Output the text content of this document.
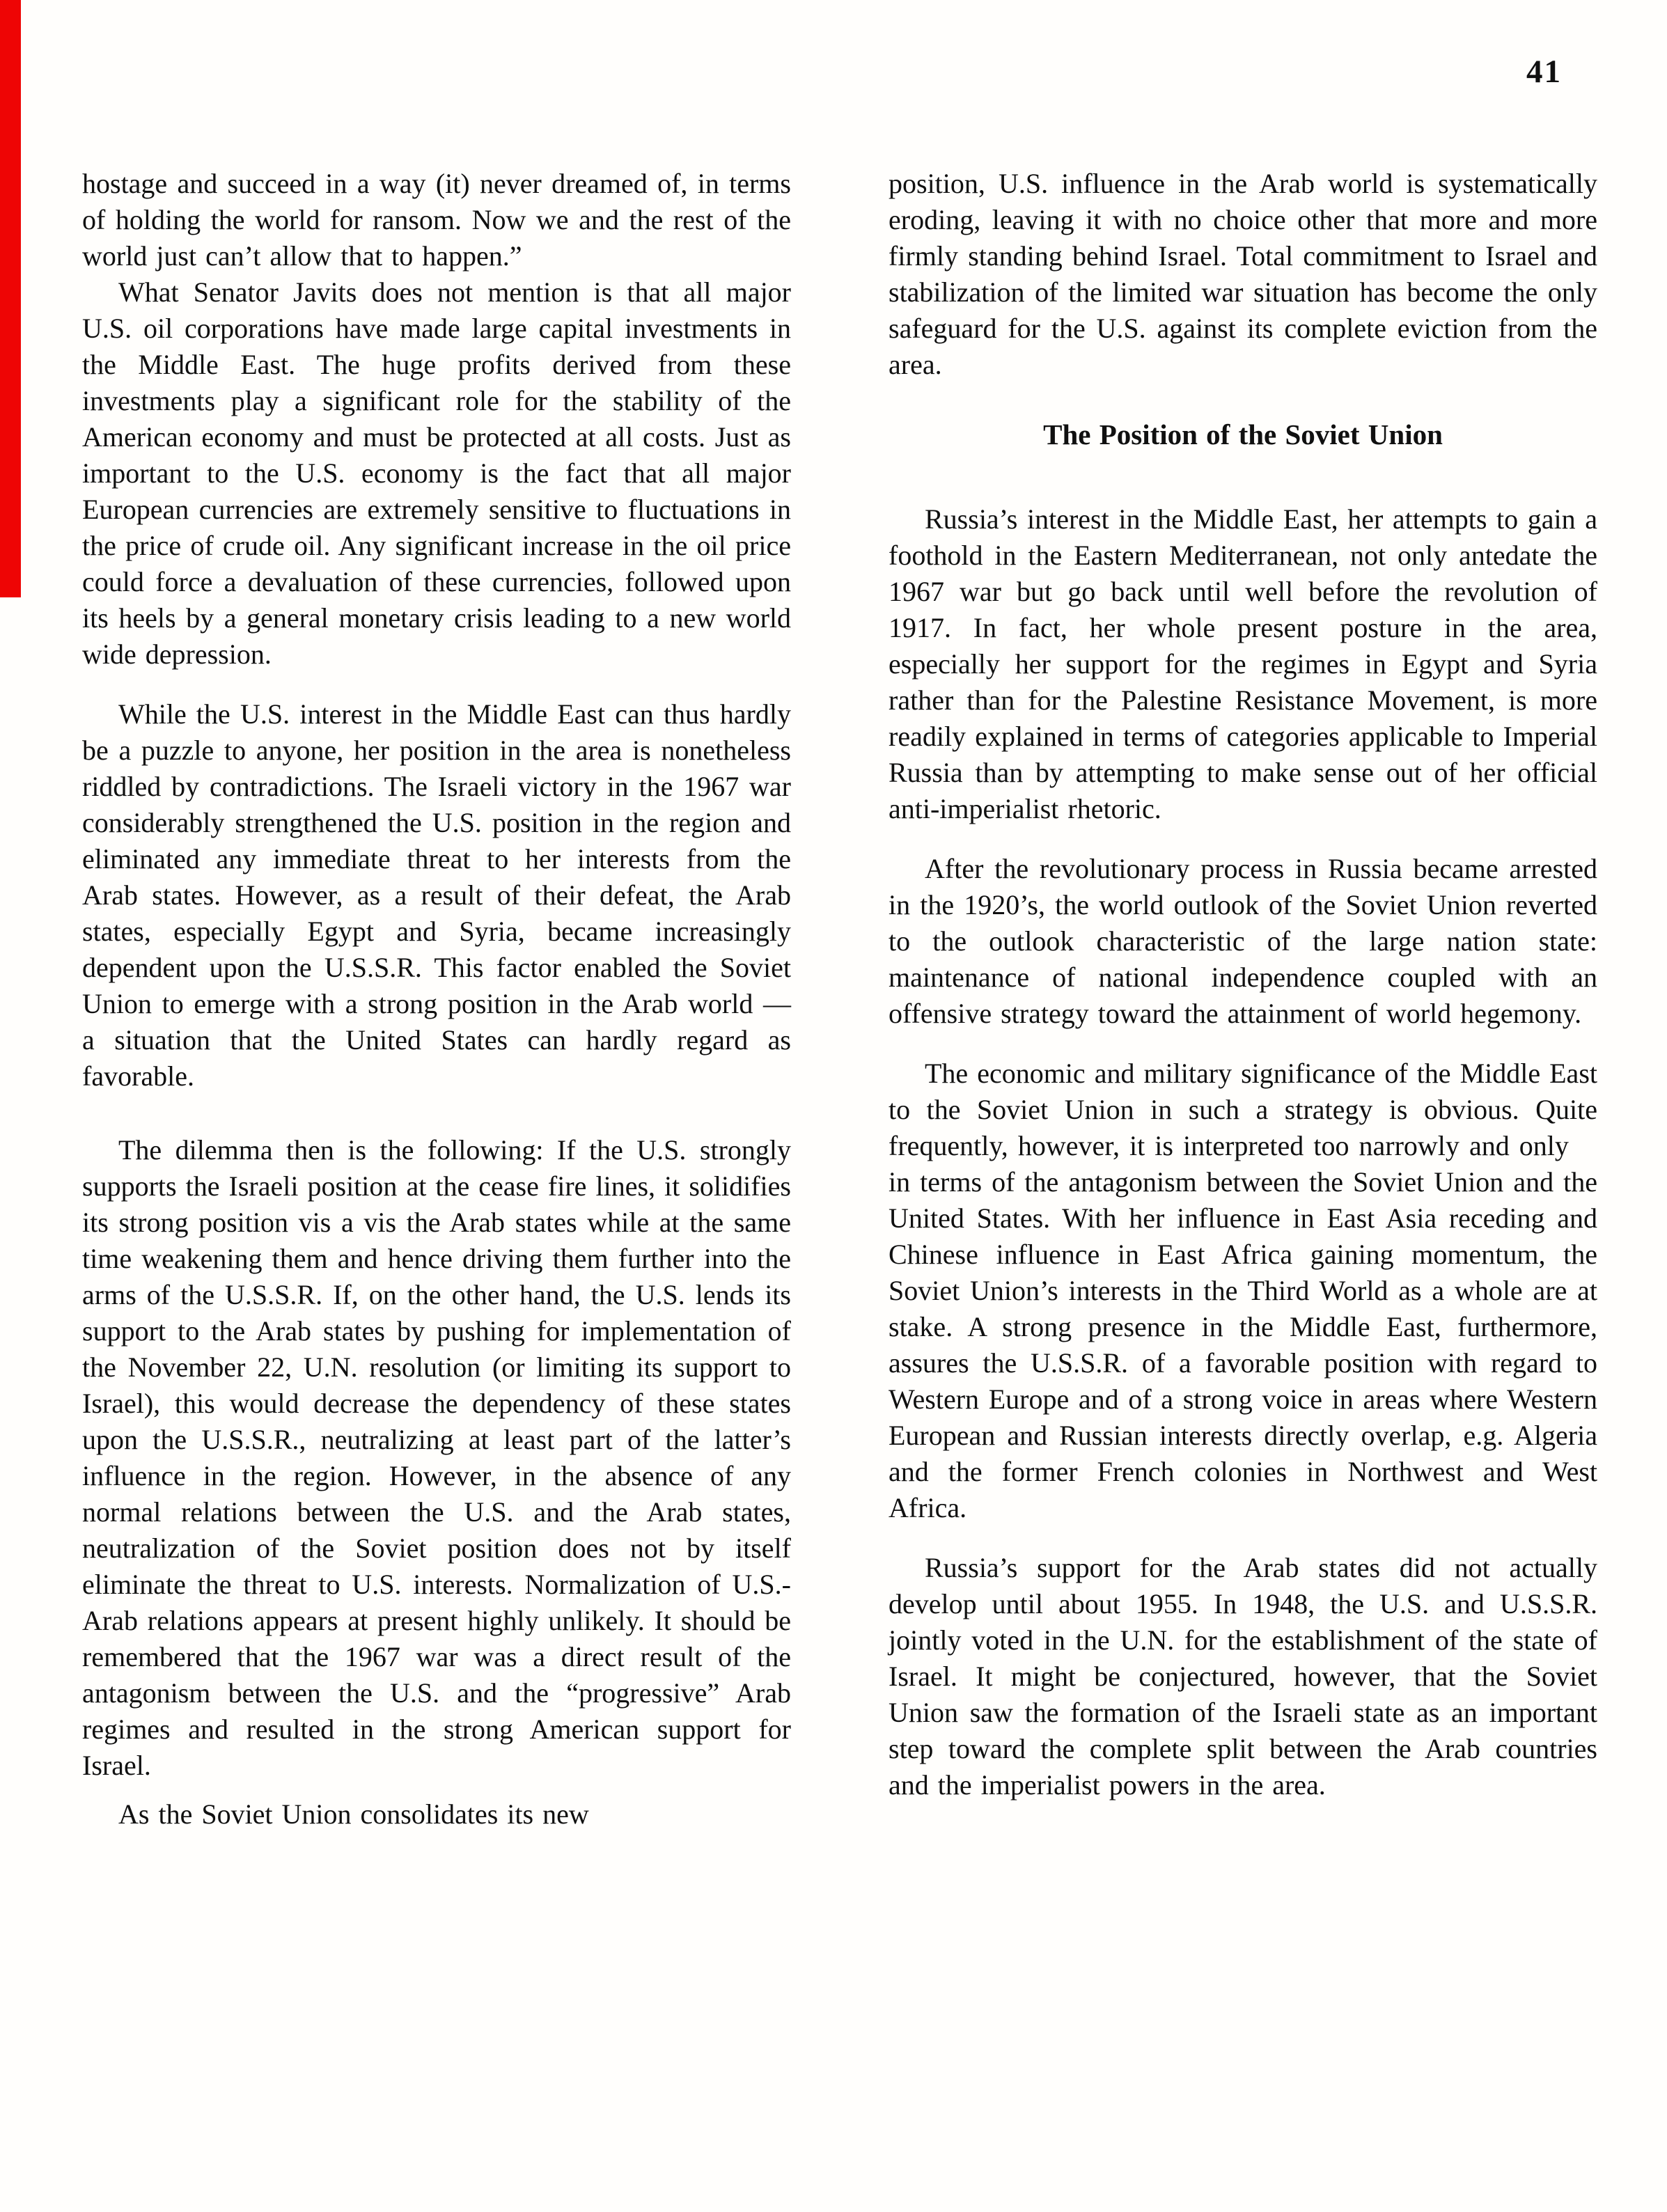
41

hostage and succeed in a way (it) never dreamed of, in terms of holding the world for ransom. Now we and the rest of the world just can’t allow that to happen.”

What Senator Javits does not mention is that all major U.S. oil corporations have made large capital investments in the Middle East. The huge profits derived from these investments play a significant role for the stability of the American economy and must be protected at all costs. Just as important to the U.S. economy is the fact that all major European currencies are extremely sensitive to fluctuations in the price of crude oil. Any significant increase in the oil price could force a devaluation of these currencies, followed upon its heels by a general monetary crisis leading to a new world wide depression.

While the U.S. interest in the Middle East can thus hardly be a puzzle to anyone, her position in the area is nonetheless riddled by contradictions. The Israeli victory in the 1967 war considerably strengthened the U.S. position in the region and eliminated any immediate threat to her interests from the Arab states. However, as a result of their defeat, the Arab states, especially Egypt and Syria, became increasingly dependent upon the U.S.S.R. This factor enabled the Soviet Union to emerge with a strong position in the Arab world — a situation that the United States can hardly regard as favorable.

The dilemma then is the following: If the U.S. strongly supports the Israeli position at the cease fire lines, it solidifies its strong position vis a vis the Arab states while at the same time weakening them and hence driving them further into the arms of the U.S.S.R. If, on the other hand, the U.S. lends its support to the Arab states by pushing for implementation of the November 22, U.N. resolution (or limiting its support to Israel), this would decrease the dependency of these states upon the U.S.S.R., neutralizing at least part of the latter’s influence in the region. However, in the absence of any normal relations between the U.S. and the Arab states, neutralization of the Soviet position does not by itself eliminate the threat to U.S. interests. Normalization of U.S.-Arab relations appears at present highly unlikely. It should be remembered that the 1967 war was a direct result of the antagonism between the U.S. and the “progressive” Arab regimes and resulted in the strong American support for Israel.

As the Soviet Union consolidates its new

position, U.S. influence in the Arab world is systematically eroding, leaving it with no choice other that more and more firmly standing behind Israel. Total commitment to Israel and stabilization of the limited war situation has become the only safeguard for the U.S. against its complete eviction from the area.

The Position of the Soviet Union

Russia’s interest in the Middle East, her attempts to gain a foothold in the Eastern Mediterranean, not only antedate the 1967 war but go back until well before the revolution of 1917. In fact, her whole present posture in the area, especially her support for the regimes in Egypt and Syria rather than for the Palestine Resistance Movement, is more readily explained in terms of categories applicable to Imperial Russia than by attempting to make sense out of her official anti-imperialist rhetoric.

After the revolutionary process in Russia became arrested in the 1920’s, the world outlook of the Soviet Union reverted to the outlook characteristic of the large nation state: maintenance of national independence coupled with an offensive strategy toward the attainment of world hegemony.

The economic and military significance of the Middle East to the Soviet Union in such a strategy is obvious. Quite frequently, however, it is interpreted too narrowly and only    in terms of the antagonism between the Soviet Union and the United States. With her influence in East Asia receding and Chinese influence in East Africa gaining momentum, the Soviet Union’s interests in the Third World as a whole are at stake. A strong presence in the Middle East, furthermore, assures the U.S.S.R. of a favorable position with regard to Western Europe and of a strong voice in areas where Western European and Russian interests directly overlap, e.g. Algeria and the former French colonies in Northwest and West Africa.

Russia’s support for the Arab states did not actually develop until about 1955. In 1948, the U.S. and U.S.S.R. jointly voted in the U.N. for the establishment of the state of Israel. It might be conjectured, however, that the Soviet Union saw the formation of the Israeli state as an important step toward the complete split between the Arab countries and the imperialist powers in the area.
